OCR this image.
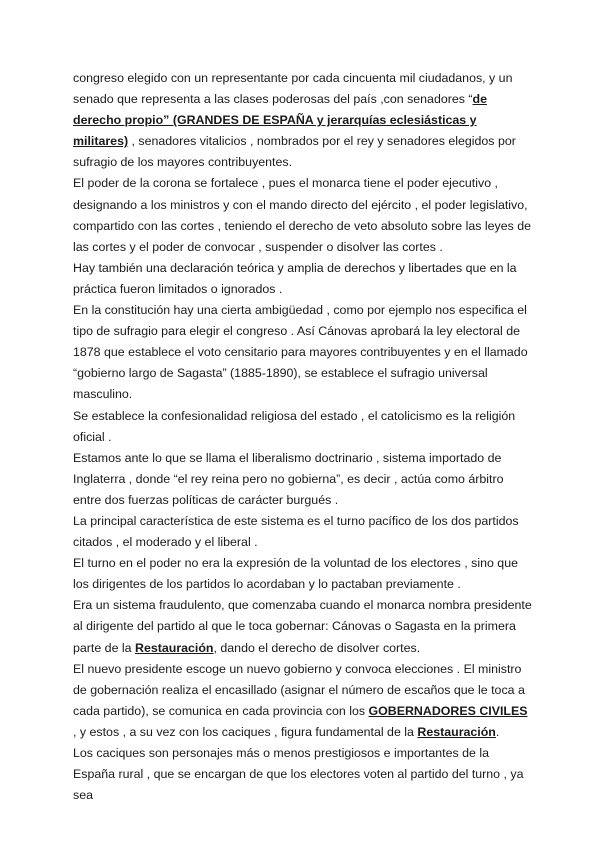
congreso elegido con un representante por cada cincuenta mil ciudadanos, y un senado que representa a las clases poderosas del país ,con senadores “de derecho propio” (GRANDES DE ESPAÑA y jerarquías eclesiásticas y militares) , senadores vitalicios , nombrados por el rey y senadores elegidos por sufragio de los mayores contribuyentes.

El poder de la corona se fortalece , pues el monarca tiene el poder ejecutivo , designando a los ministros y con el mando directo del ejército , el poder legislativo, compartido con las cortes , teniendo el derecho de veto absoluto sobre las leyes de las cortes y el poder de convocar , suspender o disolver las cortes .

Hay también una declaración teórica y amplia de derechos y libertades que en la práctica fueron limitados o ignorados .

En la constitución hay una cierta ambigüedad , como por ejemplo nos especifica el tipo de sufragio para elegir el congreso . Así Cánovas aprobará la ley electoral de 1878 que establece el voto censitario para mayores contribuyentes y en el llamado “gobierno largo de Sagasta” (1885-1890), se establece el sufragio universal masculino.

Se establece la confesionalidad religiosa del estado , el catolicismo es la religión oficial .

Estamos ante lo que se llama el liberalismo doctrinario , sistema importado de Inglaterra , donde “el rey reina pero no gobierna”, es decir , actúa como árbitro entre dos fuerzas políticas de carácter burgués .

La principal característica de este sistema es el turno pacífico de los dos partidos citados , el moderado y el liberal .

El turno en el poder no era la expresión de la voluntad de los electores , sino que los dirigentes de los partidos lo acordaban y lo pactaban previamente .

Era un sistema fraudulento, que comenzaba cuando el monarca nombra presidente al dirigente del partido al que le toca gobernar: Cánovas o Sagasta en la primera parte de la Restauración, dando el derecho de disolver cortes.

El nuevo presidente escoge un nuevo gobierno y convoca elecciones . El ministro de gobernación realiza el encasillado (asignar el número de escaños que le toca a cada partido), se comunica en cada provincia con los GOBERNADORES CIVILES , y estos , a su vez con los caciques , figura fundamental de la Restauración.

Los caciques son personajes más o menos prestigiosos e importantes de la España rural , que se encargan de que los electores voten al partido del turno , ya sea
